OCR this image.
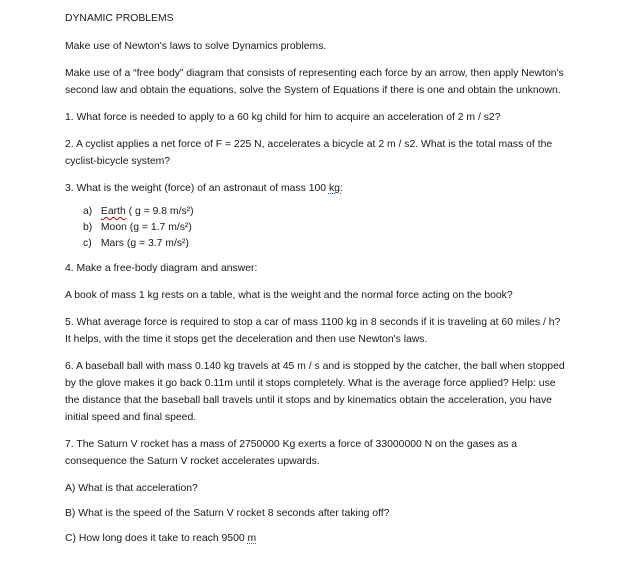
DYNAMIC PROBLEMS

Make use of Newton's laws to solve Dynamics problems.

Make use of a “free body” diagram that consists of representing each force by an arrow, then apply Newton's second law and obtain the equations, solve the System of Equations if there is one and obtain the unknown.

1. What force is needed to apply to a 60 kg child for him to acquire an acceleration of 2 m / s2?

2. A cyclist applies a net force of F = 225 N, accelerates a bicycle at 2 m / s2. What is the total mass of the cyclist-bicycle system?

3. What is the weight (force) of an astronaut of mass 100 kg:

a) Earth ( g = 9.8 m/s²)
b) Moon (g = 1.7 m/s²)
c) Mars (g = 3.7 m/s²)

4. Make a free-body diagram and answer:

A book of mass 1 kg rests on a table, what is the weight and the normal force acting on the book?

5. What average force is required to stop a car of mass 1100 kg in 8 seconds if it is traveling at 60 miles / h? It helps, with the time it stops get the deceleration and then use Newton's laws.

6. A baseball ball with mass 0.140 kg travels at 45 m / s and is stopped by the catcher, the ball when stopped by the glove makes it go back 0.11m until it stops completely. What is the average force applied? Help: use the distance that the baseball ball travels until it stops and by kinematics obtain the acceleration, you have initial speed and final speed.

7. The Saturn V rocket has a mass of 2750000 Kg exerts a force of 33000000 N on the gases as a consequence the Saturn V rocket accelerates upwards.

A) What is that acceleration?

B) What is the speed of the Saturn V rocket 8 seconds after taking off?

C) How long does it take to reach 9500 m
